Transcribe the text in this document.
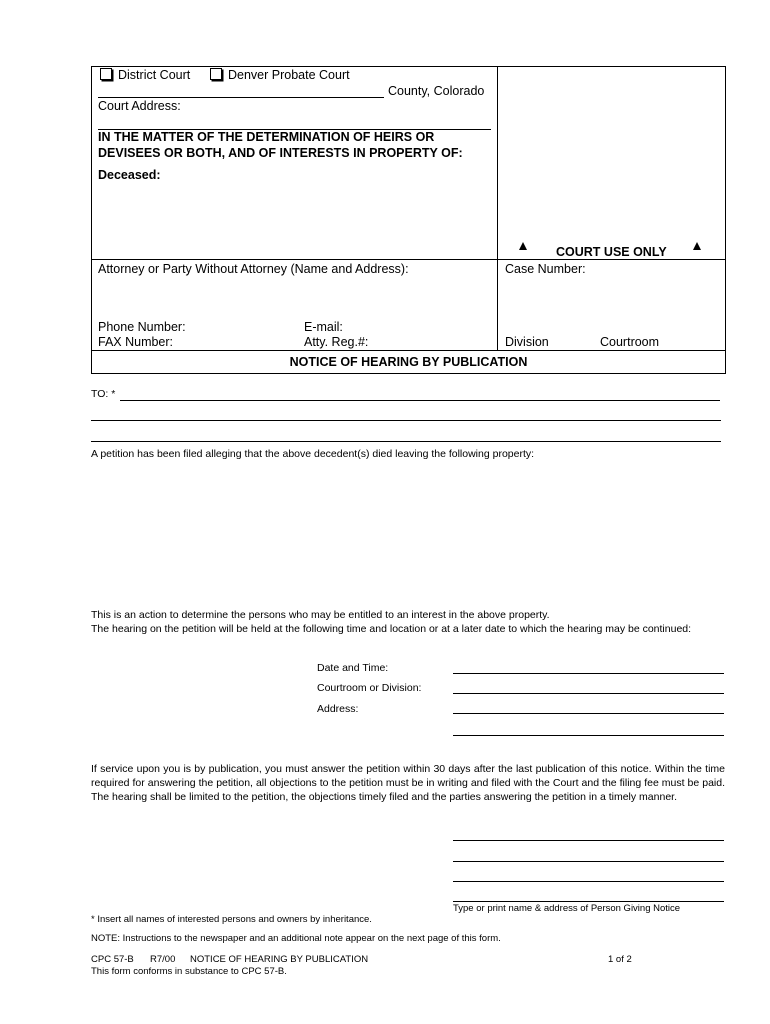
District Court	Denver Probate Court
County, Colorado
Court Address:
IN THE MATTER OF THE DETERMINATION OF HEIRS OR
DEVISEES OR BOTH, AND OF INTERESTS IN PROPERTY OF:
Deceased:
COURT USE ONLY
Attorney or Party Without Attorney (Name and Address):	Case Number:
Phone Number:	E-mail:
FAX Number:	Atty. Reg.#:	Division	Courtroom
NOTICE OF HEARING BY PUBLICATION
TO: *
A petition has been filed alleging that the above decedent(s) died leaving the following property:
This is an action to determine the persons who may be entitled to an interest in the above property.
The hearing on the petition will be held at the following time and location or at a later date to which the hearing may be continued:
Date and Time:
Courtroom or Division:
Address:
If service upon you is by publication, you must answer the petition within 30 days after the last publication of this notice. Within the time required for answering the petition, all objections to the petition must be in writing and filed with the Court and the filing fee must be paid. The hearing shall be limited to the petition, the objections timely filed and the parties answering the petition in a timely manner.
Type or print name & address of Person Giving Notice
* Insert all names of interested persons and owners by inheritance.
NOTE: Instructions to the newspaper and an additional note appear on the next page of this form.
CPC 57-B R7/00 NOTICE OF HEARING BY PUBLICATION	1 of 2
This form conforms in substance to CPC 57-B.
